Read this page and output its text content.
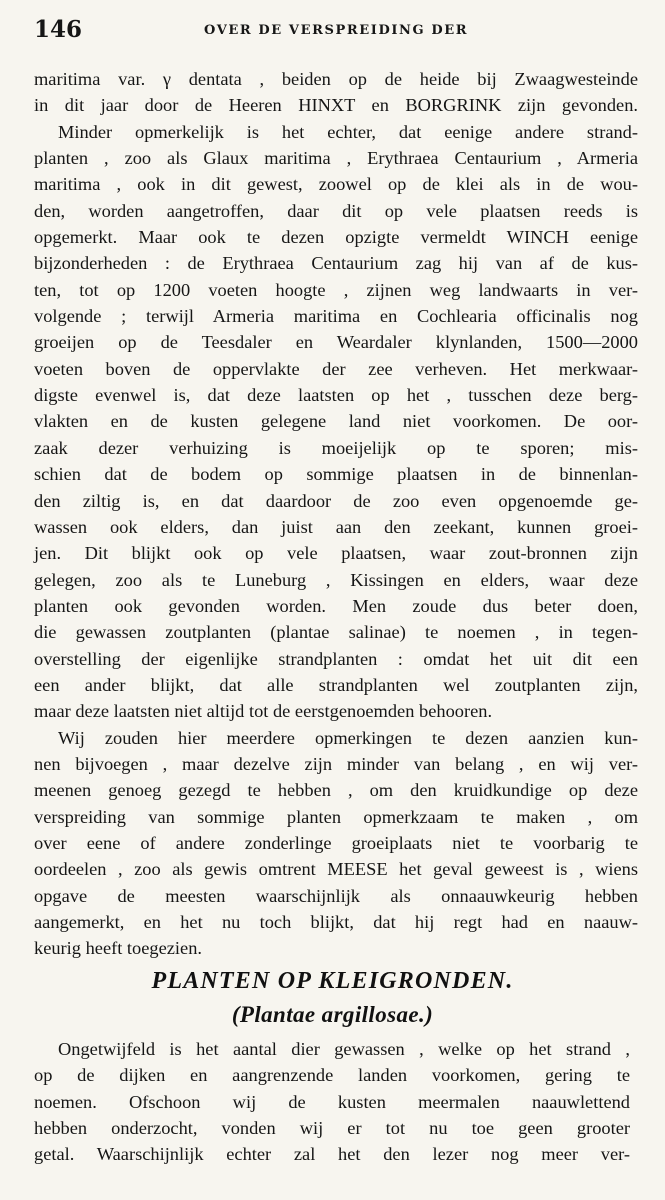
146	OVER DE VERSPREIDING DER
maritima var. γ dentata , beiden op de heide bij Zwaagwesteinde
in dit jaar door de Heeren HINXT en BORGRINK zijn gevonden.
Minder opmerkelijk is het echter, dat eenige andere strand-
planten , zoo als Glaux maritima , Erythraea Centaurium , Armeria
maritima , ook in dit gewest, zoowel op de klei als in de wou-
den, worden aangetroffen, daar dit op vele plaatsen reeds is
opgemerkt. Maar ook te dezen opzigte vermeldt WINCH eenige
bijzonderheden : de Erythraea Centaurium zag hij van af de kus-
ten, tot op 1200 voeten hoogte , zijnen weg landwaarts in ver-
volgende ; terwijl Armeria maritima en Cochlearia officinalis nog
groeijen op de Teesdaler en Weardaler klynlanden, 1500—2000
voeten boven de oppervlakte der zee verheven. Het merkwaar-
digste evenwel is, dat deze laatsten op het , tusschen deze berg-
vlakten en de kusten gelegene land niet voorkomen. De oor-
zaak dezer verhuizing is moeijelijk op te sporen; mis-
schien dat de bodem op sommige plaatsen in de binnenlan-
den ziltig is, en dat daardoor de zoo even opgenoemde ge-
wassen ook elders, dan juist aan den zeekant, kunnen groei-
jen. Dit blijkt ook op vele plaatsen, waar zout-bronnen zijn
gelegen, zoo als te Luneburg , Kissingen en elders, waar deze
planten ook gevonden worden. Men zoude dus beter doen,
die gewassen zoutplanten (plantae salinae) te noemen , in tegen-
overstelling der eigenlijke strandplanten : omdat het uit dit een
een ander blijkt, dat alle strandplanten wel zoutplanten zijn,
maar deze laatsten niet altijd tot de eerstgenoemden behooren.
Wij zouden hier meerdere opmerkingen te dezen aanzien kun-
nen bijvoegen , maar dezelve zijn minder van belang , en wij ver-
meenen genoeg gezegd te hebben , om den kruidkundige op deze
verspreiding van sommige planten opmerkzaam te maken , om
over eene of andere zonderlinge groeiplaats niet te voorbarig te
oordeelen , zoo als gewis omtrent MEESE het geval geweest is , wiens
opgave de meesten waarschijnlijk als onnaauwkeurig hebben
aangemerkt, en het nu toch blijkt, dat hij regt had en naauw-
keurig heeft toegezien.
PLANTEN OP KLEIGRONDEN.
(Plantae argillosae.)
Ongetwijfeld is het aantal dier gewassen , welke op het strand ,
op de dijken en aangrenzende landen voorkomen, gering te
noemen. Ofschoon wij de kusten meermalen naauwlettend
hebben onderzocht, vonden wij er tot nu toe geen grooter
getal. Waarschijnlijk echter zal het den lezer nog meer ver-
